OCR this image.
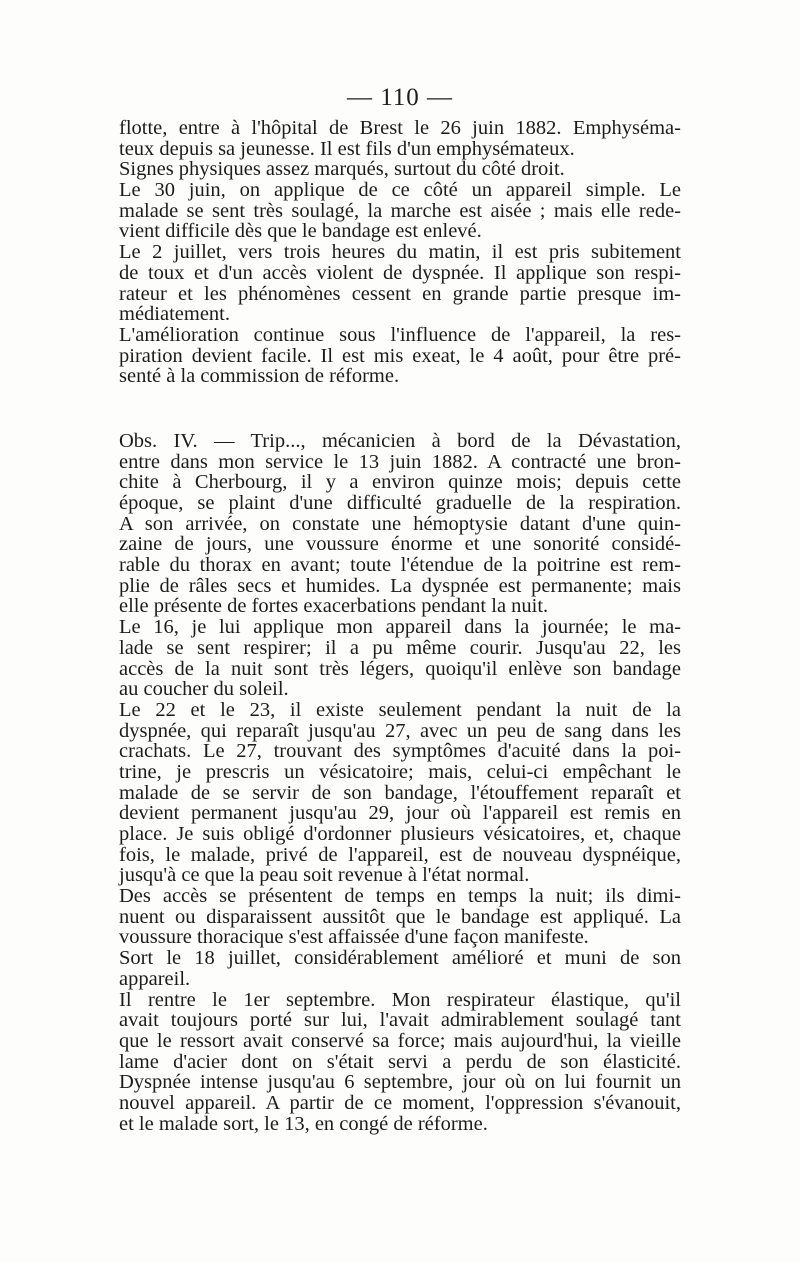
— 110 —
flotte, entre à l'hôpital de Brest le 26 juin 1882. Emphyséma-
teux depuis sa jeunesse. Il est fils d'un emphysémateux.
Signes physiques assez marqués, surtout du côté droit.
Le 30 juin, on applique de ce côté un appareil simple. Le
malade se sent très soulagé, la marche est aisée ; mais elle rede-
vient difficile dès que le bandage est enlevé.
Le 2 juillet, vers trois heures du matin, il est pris subitement
de toux et d'un accès violent de dyspnée. Il applique son respi-
rateur et les phénomènes cessent en grande partie presque im-
médiatement.
L'amélioration continue sous l'influence de l'appareil, la res-
piration devient facile. Il est mis exeat, le 4 août, pour être pré-
senté à la commission de réforme.
Obs. IV. — Trip..., mécanicien à bord de la Dévastation,
entre dans mon service le 13 juin 1882. A contracté une bron-
chite à Cherbourg, il y a environ quinze mois; depuis cette
époque, se plaint d'une difficulté graduelle de la respiration.
A son arrivée, on constate une hémoptysie datant d'une quin-
zaine de jours, une voussure énorme et une sonorité considé-
rable du thorax en avant; toute l'étendue de la poitrine est rem-
plie de râles secs et humides. La dyspnée est permanente; mais
elle présente de fortes exacerbations pendant la nuit.
Le 16, je lui applique mon appareil dans la journée; le ma-
lade se sent respirer; il a pu même courir. Jusqu'au 22, les
accès de la nuit sont très légers, quoiqu'il enlève son bandage
au coucher du soleil.
Le 22 et le 23, il existe seulement pendant la nuit de la
dyspnée, qui reparaît jusqu'au 27, avec un peu de sang dans les
crachats. Le 27, trouvant des symptômes d'acuité dans la poi-
trine, je prescris un vésicatoire; mais, celui-ci empêchant le
malade de se servir de son bandage, l'étouffement reparaît et
devient permanent jusqu'au 29, jour où l'appareil est remis en
place. Je suis obligé d'ordonner plusieurs vésicatoires, et, chaque
fois, le malade, privé de l'appareil, est de nouveau dyspnéique,
jusqu'à ce que la peau soit revenue à l'état normal.
Des accès se présentent de temps en temps la nuit; ils dimi-
nuent ou disparaissent aussitôt que le bandage est appliqué. La
voussure thoracique s'est affaissée d'une façon manifeste.
Sort le 18 juillet, considérablement amélioré et muni de son
appareil.
Il rentre le 1er septembre. Mon respirateur élastique, qu'il
avait toujours porté sur lui, l'avait admirablement soulagé tant
que le ressort avait conservé sa force; mais aujourd'hui, la vieille
lame d'acier dont on s'était servi a perdu de son élasticité.
Dyspnée intense jusqu'au 6 septembre, jour où on lui fournit un
nouvel appareil. A partir de ce moment, l'oppression s'évanouit,
et le malade sort, le 13, en congé de réforme.
